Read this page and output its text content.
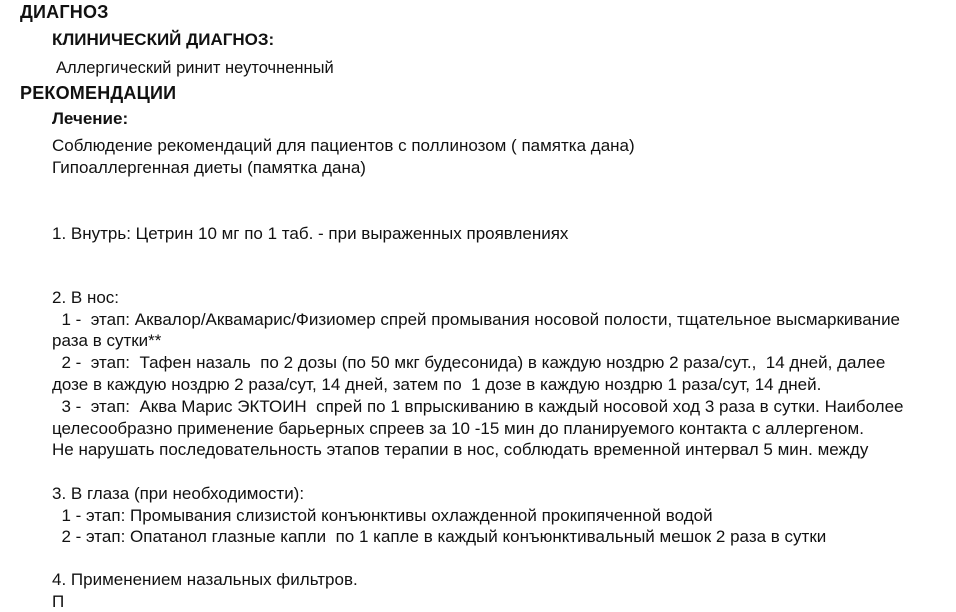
ДИАГНОЗ
КЛИНИЧЕСКИЙ ДИАГНОЗ:
Аллергический ринит неуточненный
РЕКОМЕНДАЦИИ
Лечение:
Соблюдение рекомендаций для пациентов с поллинозом ( памятка дана)
Гипоаллергенная диеты (памятка дана)
1. Внутрь: Цетрин 10 мг по 1 таб. - при выраженных проявлениях
2. В нос:
1 -  этап: Аквалор/Аквамарис/Физиомер спрей промывания носовой полости, тщательное высмаркивание
раза в сутки**
2 -  этап:  Тафен назаль  по 2 дозы (по 50 мкг будесонида) в каждую ноздрю 2 раза/сут.,  14 дней, далее
дозе в каждую ноздрю 2 раза/сут, 14 дней, затем по  1 дозе в каждую ноздрю 1 раза/сут, 14 дней.
3 -  этап:  Аква Марис ЭКТОИН  спрей по 1 впрыскиванию в каждый носовой ход 3 раза в сутки. Наиболее
целесообразно применение барьерных спреев за 10 -15 мин до планируемого контакта с аллергеном.
Не нарушать последовательность этапов терапии в нос, соблюдать временной интервал 5 мин. между
3. В глаза (при необходимости):
1 - этап: Промывания слизистой конъюнктивы охлажденной прокипяченной водой
2 - этап: Опатанол глазные капли  по 1 капле в каждый конъюнктивальный мешок 2 раза в сутки
4. Применением назальных фильтров.
П
